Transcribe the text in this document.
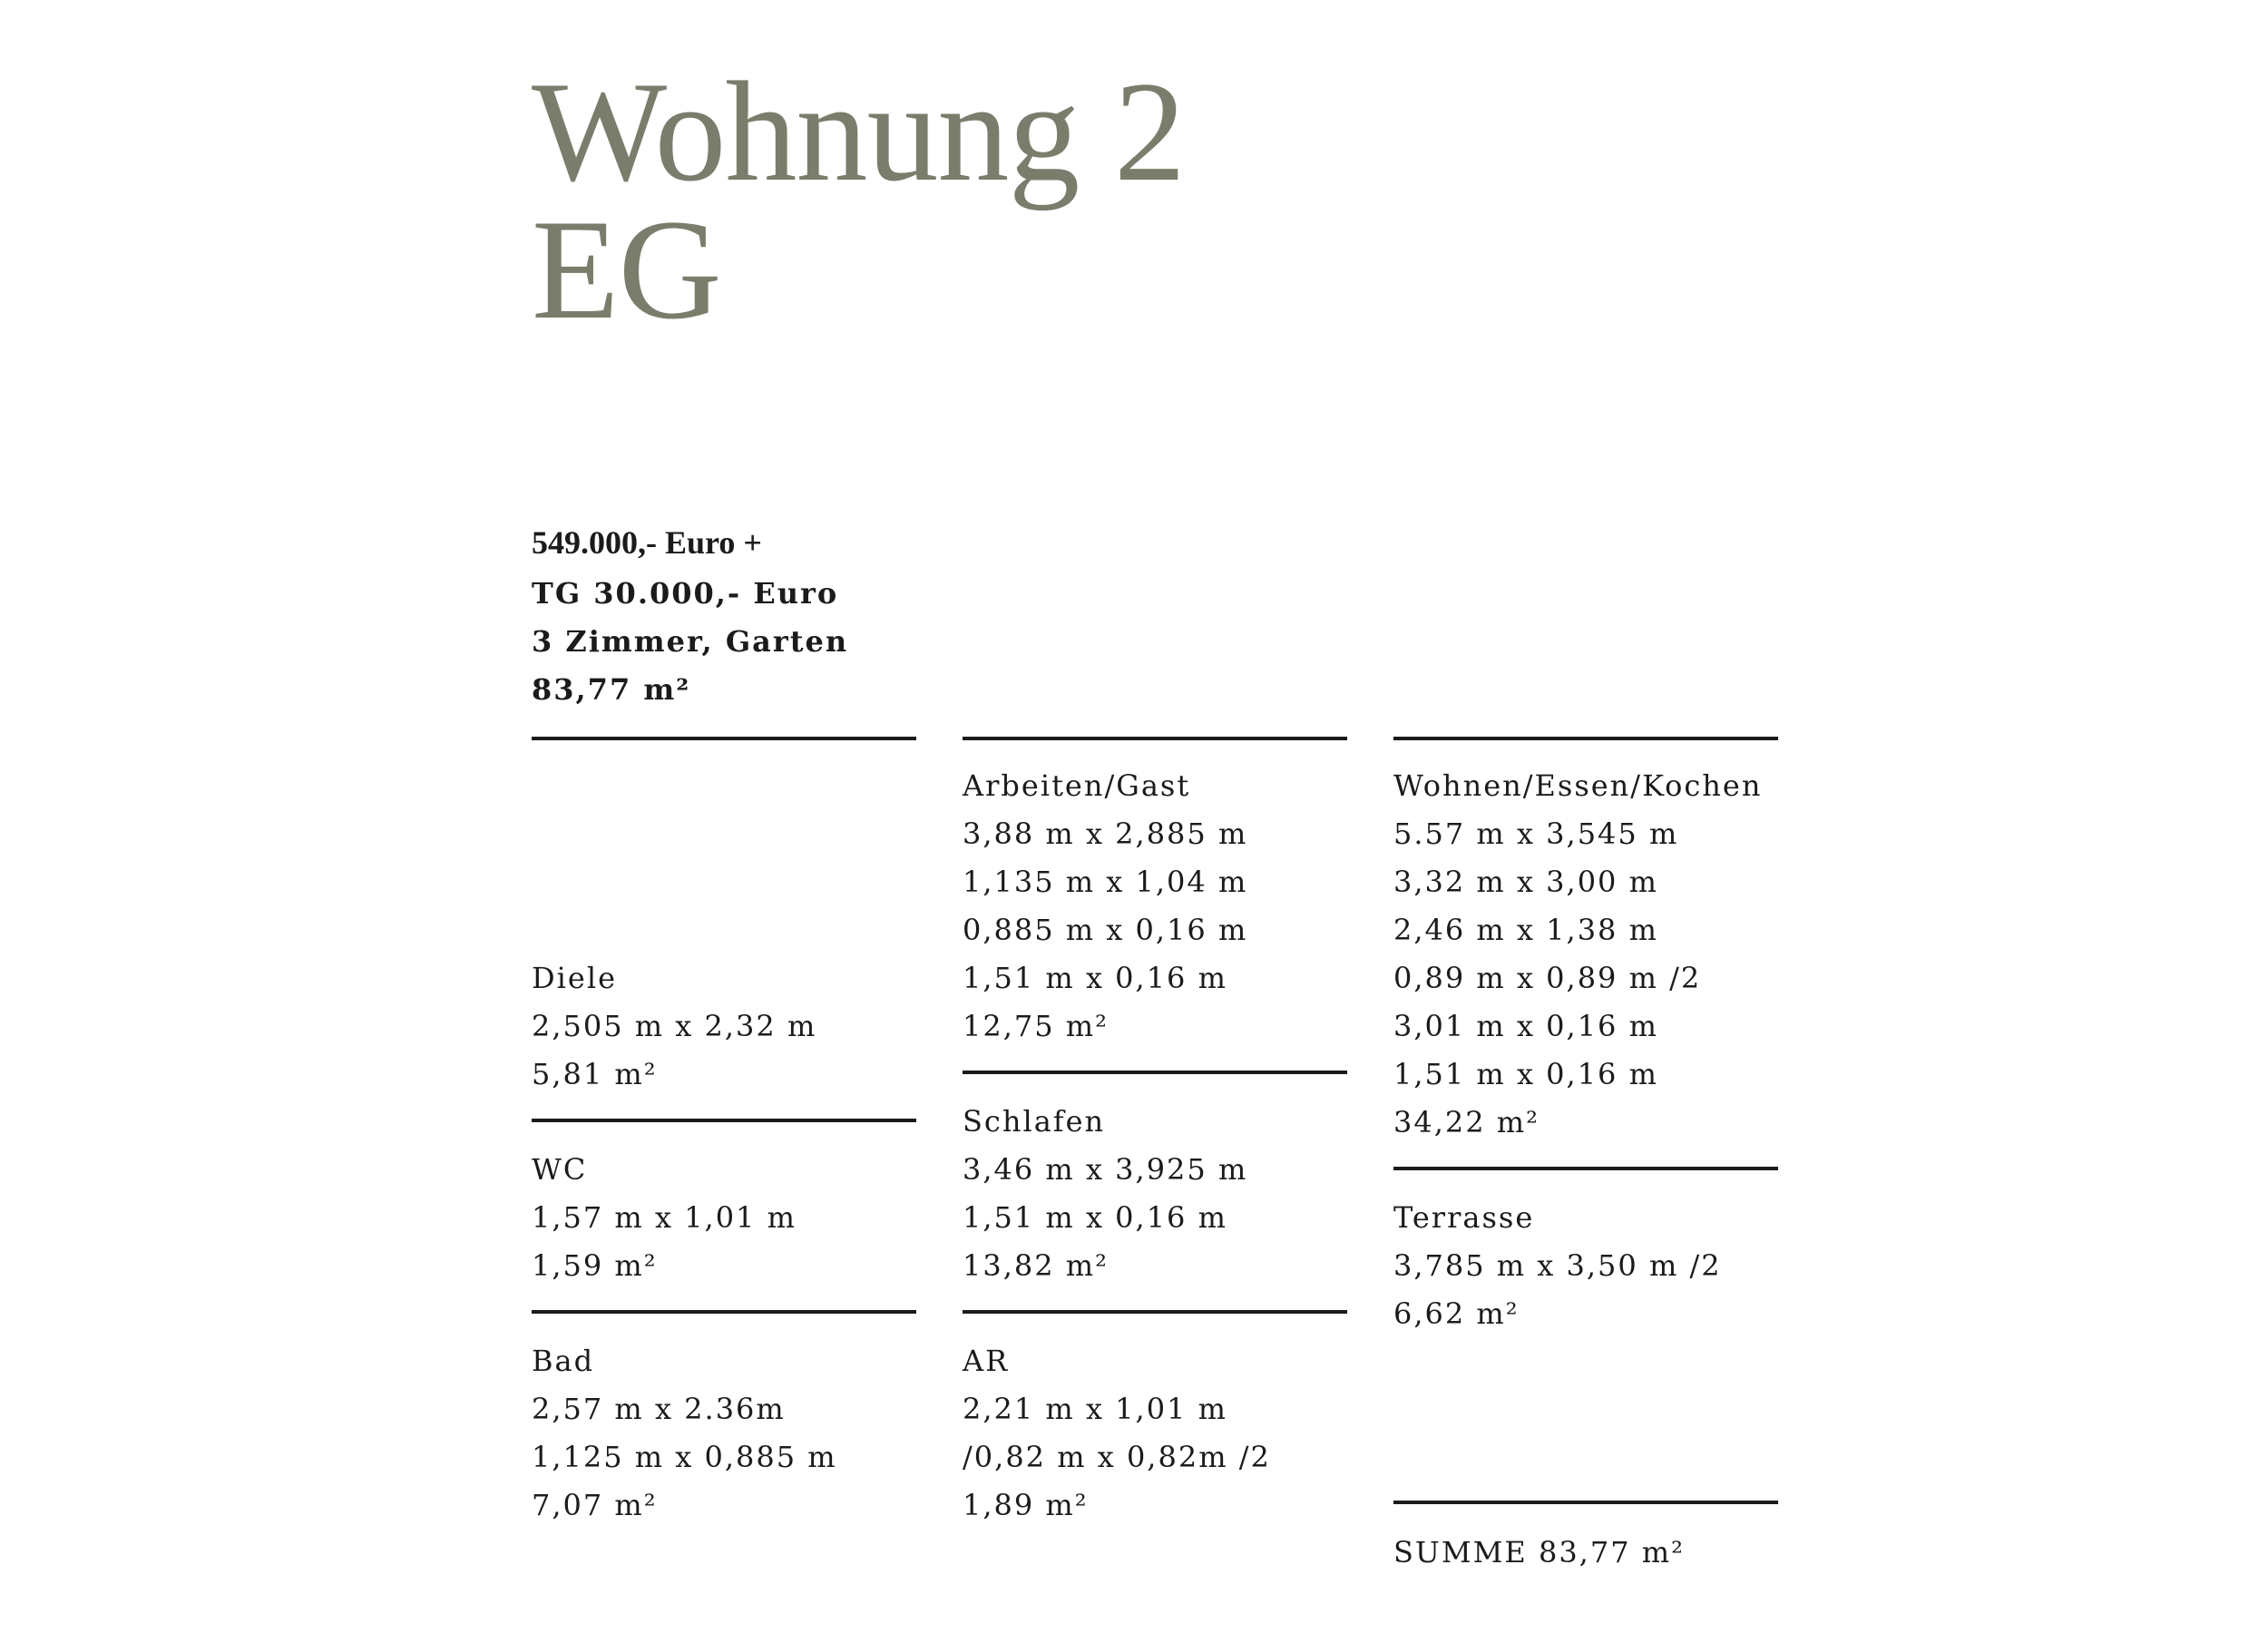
Wohnung 2
EG
549.000,- Euro +
TG 30.000,- Euro
3 Zimmer, Garten
83,77 m²
Diele
2,505 m x 2,32 m
5,81 m²
WC
1,57 m x 1,01 m
1,59 m²
Bad
2,57 m x 2.36m
1,125 m x 0,885 m
7,07 m²
Arbeiten/Gast
3,88 m x 2,885 m
1,135 m x 1,04 m
0,885 m x 0,16 m
1,51 m x 0,16 m
12,75 m²
Schlafen
3,46 m x 3,925 m
1,51 m x 0,16 m
13,82 m²
AR
2,21 m x 1,01 m
/0,82 m x 0,82m /2
1,89 m²
Wohnen/Essen/Kochen
5.57 m x 3,545 m
3,32 m x 3,00 m
2,46 m x 1,38 m
0,89 m x 0,89 m /2
3,01 m x 0,16 m
1,51 m x 0,16 m
34,22 m²
Terrasse
3,785 m x 3,50 m /2
6,62 m²
SUMME 83,77 m²
